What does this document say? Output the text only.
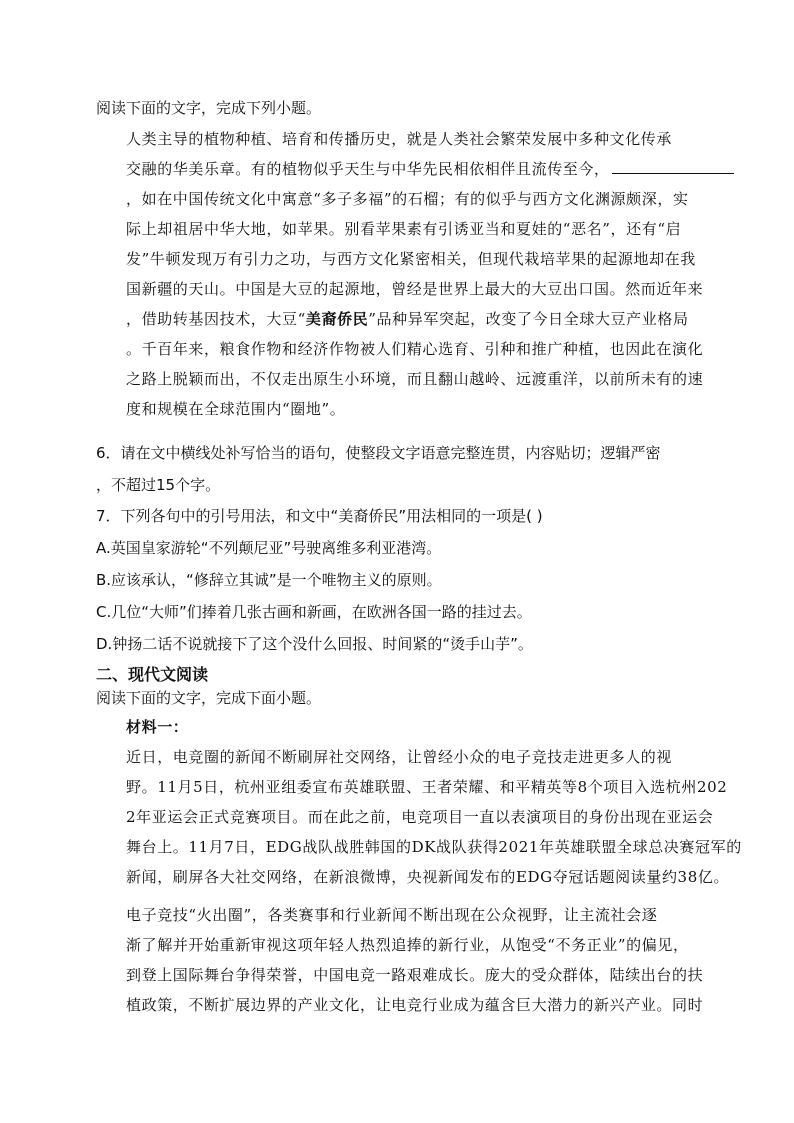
阅读下面的文字，完成下列小题。

人类主导的植物种植、培育和传播历史，就是人类社会繁荣发展中多种文化传承
交融的华美乐章。有的植物似乎天生与中华先民相依相伴且流传至今，
，如在中国传统文化中寓意“多子多福”的石榴；有的似乎与西方文化渊源颇深，实
际上却祖居中华大地，如苹果。别看苹果素有引诱亚当和夏娃的“恶名”，还有“启
发”牛顿发现万有引力之功，与西方文化紧密相关，但现代栽培苹果的起源地却在我
国新疆的天山。中国是大豆的起源地，曾经是世界上最大的大豆出口国。然而近年来
，借助转基因技术，大豆“美裔侨民”品种异军突起，改变了今日全球大豆产业格局
。千百年来，粮食作物和经济作物被人们精心选育、引种和推广种植，也因此在演化
之路上脱颖而出，不仅走出原生小环境，而且翻山越岭、远渡重洋，以前所未有的速
度和规模在全球范围内“圈地”。

6．请在文中横线处补写恰当的语句，使整段文字语意完整连贯，内容贴切；逻辑严密
，不超过15个字。

7．下列各句中的引号用法，和文中“美裔侨民”用法相同的一项是( )

A.英国皇家游轮“不列颠尼亚”号驶离维多利亚港湾。

B.应该承认，“修辞立其诚”是一个唯物主义的原则。

C.几位“大师”们捧着几张古画和新画，在欧洲各国一路的挂过去。

D.钟扬二话不说就接下了这个没什么回报、时间紧的“烫手山芋”。

二、现代文阅读

阅读下面的文字，完成下面小题。

材料一：

近日，电竞圈的新闻不断刷屏社交网络，让曾经小众的电子竞技走进更多人的视
野。11月5日，杭州亚组委宣布英雄联盟、王者荣耀、和平精英等8个项目入选杭州202
2年亚运会正式竞赛项目。而在此之前，电竞项目一直以表演项目的身份出现在亚运会
舞台上。11月7日，EDG战队战胜韩国的DK战队获得2021年英雄联盟全球总决赛冠军的
新闻，刷屏各大社交网络，在新浪微博，央视新闻发布的EDG夺冠话题阅读量约38亿。

电子竞技“火出圈”，各类赛事和行业新闻不断出现在公众视野，让主流社会逐
渐了解并开始重新审视这项年轻人热烈追捧的新行业，从饱受“不务正业”的偏见，
到登上国际舞台争得荣誉，中国电竞一路艰难成长。庞大的受众群体，陆续出台的扶
植政策，不断扩展边界的产业文化，让电竞行业成为蕴含巨大潜力的新兴产业。同时
